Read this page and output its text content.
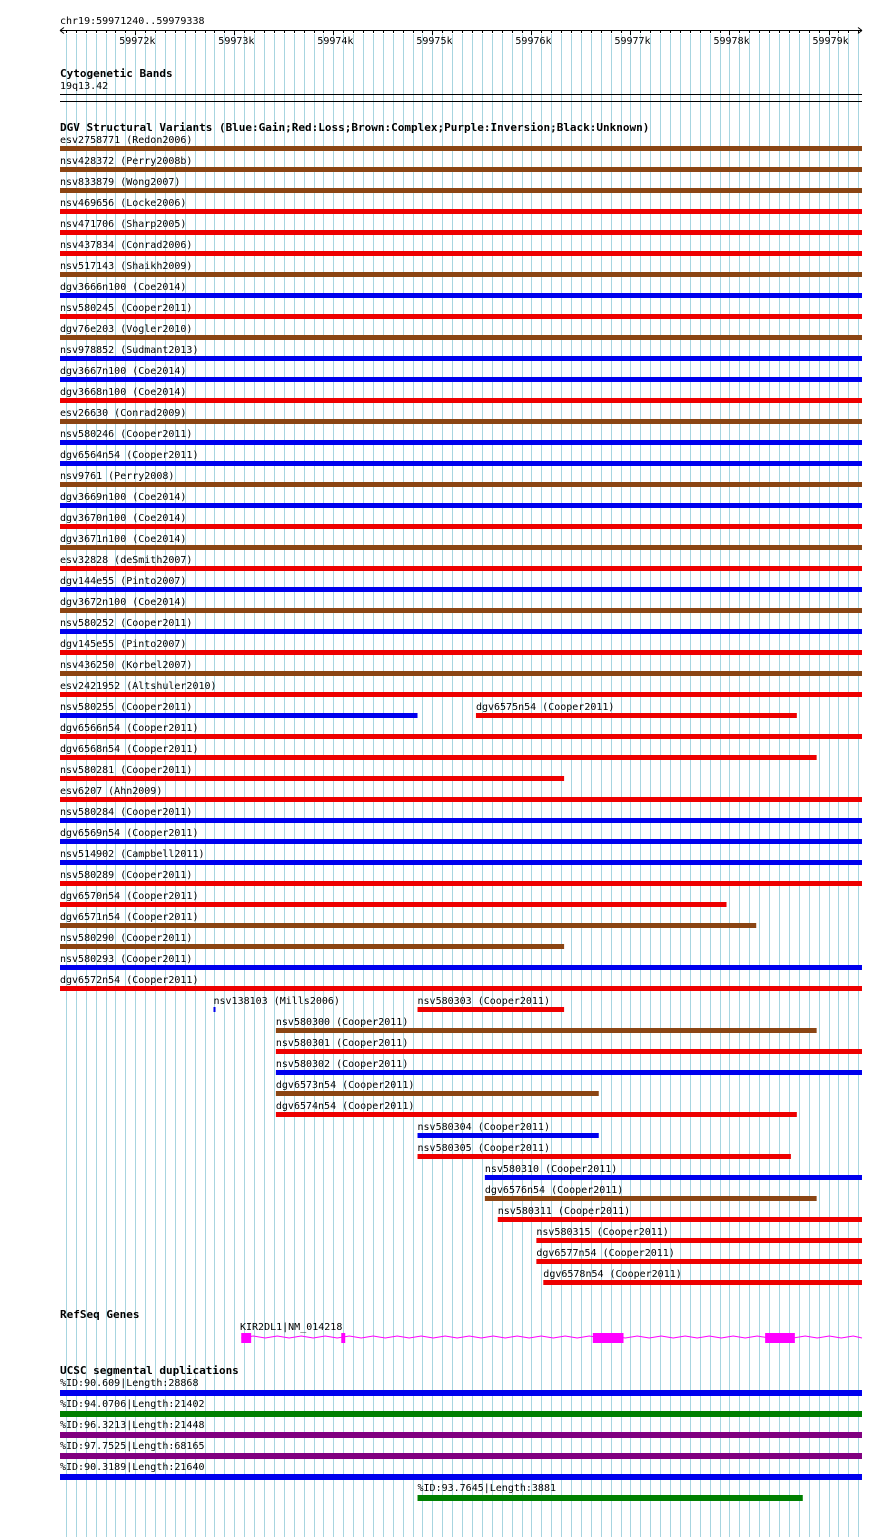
chr19:59971240..59979338
59972k	59973k	59974k	59975k	59976k	59977k	59978k	59979k
Cytogenetic Bands
19q13.42
DGV Structural Variants (Blue:Gain;Red:Loss;Brown:Complex;Purple:Inversion;Black:Unknown)
esv2758771 (Redon2006)
nsv428372 (Perry2008b)
nsv833879 (Wong2007)
nsv469656 (Locke2006)
nsv471706 (Sharp2005)
nsv437834 (Conrad2006)
nsv517143 (Shaikh2009)
dgv3666n100 (Coe2014)
nsv580245 (Cooper2011)
dgv76e203 (Vogler2010)
nsv978852 (Sudmant2013)
dgv3667n100 (Coe2014)
dgv3668n100 (Coe2014)
esv26630 (Conrad2009)
nsv580246 (Cooper2011)
dgv6564n54 (Cooper2011)
nsv9761 (Perry2008)
dgv3669n100 (Coe2014)
dgv3670n100 (Coe2014)
dgv3671n100 (Coe2014)
esv32828 (deSmith2007)
dgv144e55 (Pinto2007)
dgv3672n100 (Coe2014)
nsv580252 (Cooper2011)
dgv145e55 (Pinto2007)
nsv436250 (Korbel2007)
esv2421952 (Altshuler2010)
nsv580255 (Cooper2011)	dgv6575n54 (Cooper2011)
dgv6566n54 (Cooper2011)
dgv6568n54 (Cooper2011)
nsv580281 (Cooper2011)
esv6207 (Ahn2009)
nsv580284 (Cooper2011)
dgv6569n54 (Cooper2011)
nsv514902 (Campbell2011)
nsv580289 (Cooper2011)
dgv6570n54 (Cooper2011)
dgv6571n54 (Cooper2011)
nsv580290 (Cooper2011)
nsv580293 (Cooper2011)
dgv6572n54 (Cooper2011)
nsv138103 (Mills2006)	nsv580303 (Cooper2011)
nsv580300 (Cooper2011)
nsv580301 (Cooper2011)
nsv580302 (Cooper2011)
dgv6573n54 (Cooper2011)
dgv6574n54 (Cooper2011)
nsv580304 (Cooper2011)
nsv580305 (Cooper2011)
nsv580310 (Cooper2011)
dgv6576n54 (Cooper2011)
nsv580311 (Cooper2011)
nsv580315 (Cooper2011)
dgv6577n54 (Cooper2011)
dgv6578n54 (Cooper2011)
RefSeq Genes
KIR2DL1|NM_014218
UCSC segmental duplications
%ID:90.609|Length:28868
%ID:94.0706|Length:21402
%ID:96.3213|Length:21448
%ID:97.7525|Length:68165
%ID:90.3189|Length:21640
%ID:93.7645|Length:3881
